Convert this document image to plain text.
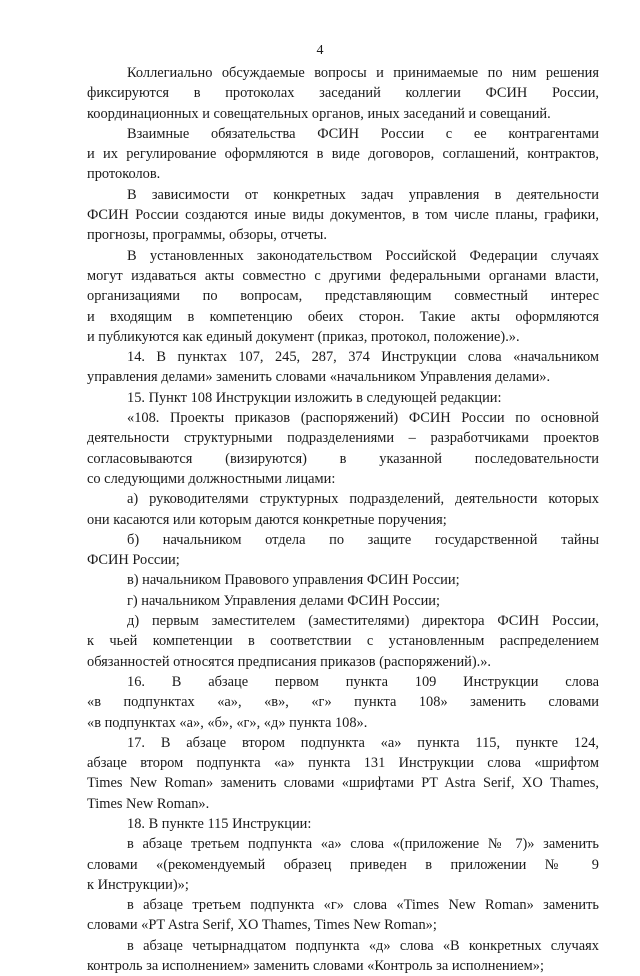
4
Коллегиально обсуждаемые вопросы и принимаемые по ним решения
фиксируются в протоколах заседаний коллегии ФСИН России,
координационных и совещательных органов, иных заседаний и совещаний.
Взаимные обязательства ФСИН России с ее контрагентами
и их регулирование оформляются в виде договоров, соглашений, контрактов,
протоколов.
В зависимости от конкретных задач управления в деятельности
ФСИН России создаются иные виды документов, в том числе планы, графики,
прогнозы, программы, обзоры, отчеты.
В установленных законодательством Российской Федерации случаях
могут издаваться акты совместно с другими федеральными органами власти,
организациями по вопросам, представляющим совместный интерес
и входящим в компетенцию обеих сторон. Такие акты оформляются
и публикуются как единый документ (приказ, протокол, положение).».
14. В пунктах 107, 245, 287, 374 Инструкции слова «начальником
управления делами» заменить словами «начальником Управления делами».
15. Пункт 108 Инструкции изложить в следующей редакции:
«108. Проекты приказов (распоряжений) ФСИН России по основной
деятельности структурными подразделениями – разработчиками проектов
согласовываются (визируются) в указанной последовательности
со следующими должностными лицами:
а) руководителями структурных подразделений, деятельности которых
они касаются или которым даются конкретные поручения;
б) начальником отдела по защите государственной тайны
ФСИН России;
в) начальником Правового управления ФСИН России;
г) начальником Управления делами ФСИН России;
д) первым заместителем (заместителями) директора ФСИН России,
к чьей компетенции в соответствии с установленным распределением
обязанностей относятся предписания приказов (распоряжений).».
16. В абзаце первом пункта 109 Инструкции слова
«в подпунктах «а», «в», «г» пункта 108» заменить словами
«в подпунктах «а», «б», «г», «д» пункта 108».
17. В абзаце втором подпункта «а» пункта 115, пункте 124,
абзаце втором подпункта «а» пункта 131 Инструкции слова «шрифтом
Times New Roman» заменить словами «шрифтами PT Astra Serif, XO Thames,
Times New Roman».
18. В пункте 115 Инструкции:
в абзаце третьем подпункта «а» слова «(приложение № 7)» заменить
словами «(рекомендуемый образец приведен в приложении № 9
к Инструкции)»;
в абзаце третьем подпункта «г» слова «Times New Roman» заменить
словами «PT Astra Serif, XO Thames, Times New Roman»;
в абзаце четырнадцатом подпункта «д» слова «В конкретных случаях
контроль за исполнением» заменить словами «Контроль за исполнением»;
